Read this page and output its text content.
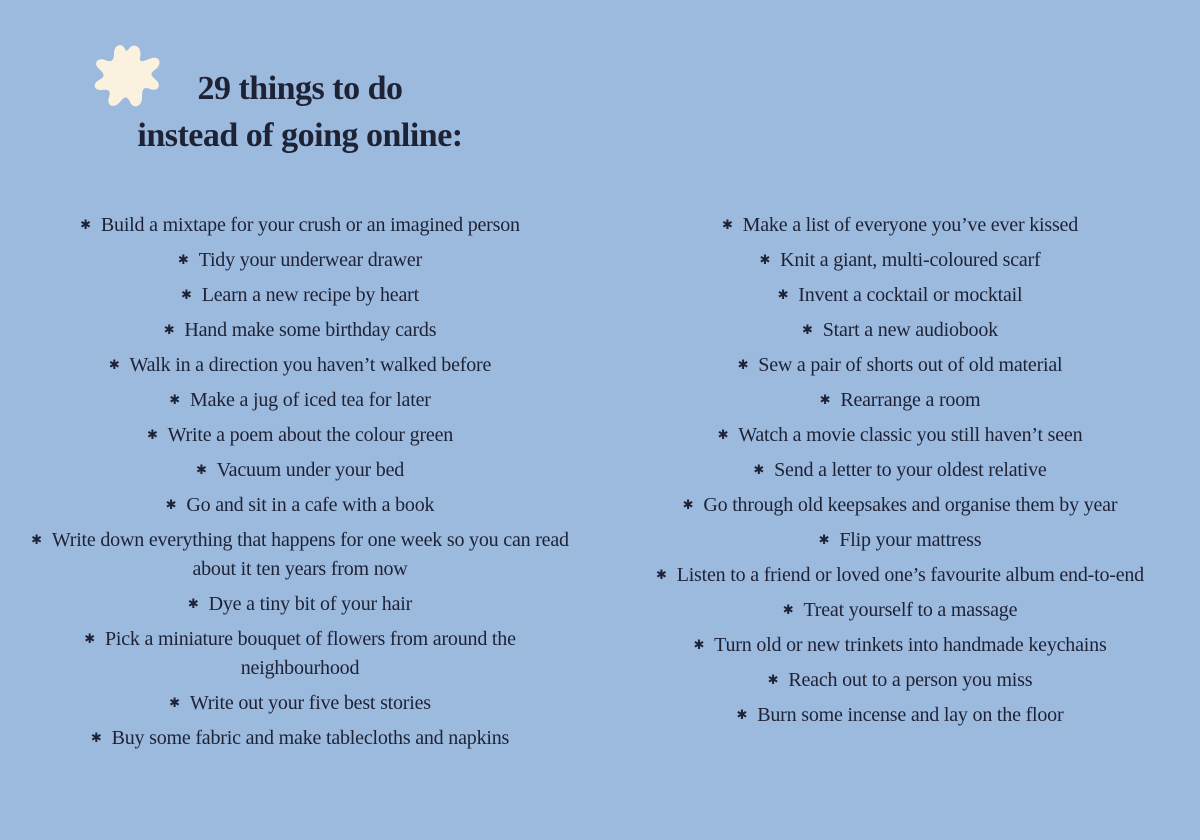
29 things to do
instead of going online:
✱ Build a mixtape for your crush or an imagined person
✱ Tidy your underwear drawer
✱ Learn a new recipe by heart
✱ Hand make some birthday cards
✱ Walk in a direction you haven’t walked before
✱ Make a jug of iced tea for later
✱ Write a poem about the colour green
✱ Vacuum under your bed
✱ Go and sit in a cafe with a book
✱ Write down everything that happens for one week so you can read about it ten years from now
✱ Dye a tiny bit of your hair
✱ Pick a miniature bouquet of flowers from around the neighbourhood
✱ Write out your five best stories
✱ Buy some fabric and make tablecloths and napkins
✱ Make a list of everyone you’ve ever kissed
✱ Knit a giant, multi-coloured scarf
✱ Invent a cocktail or mocktail
✱ Start a new audiobook
✱ Sew a pair of shorts out of old material
✱ Rearrange a room
✱ Watch a movie classic you still haven’t seen
✱ Send a letter to your oldest relative
✱ Go through old keepsakes and organise them by year
✱ Flip your mattress
✱ Listen to a friend or loved one’s favourite album end-to-end
✱ Treat yourself to a massage
✱ Turn old or new trinkets into handmade keychains
✱ Reach out to a person you miss
✱ Burn some incense and lay on the floor
